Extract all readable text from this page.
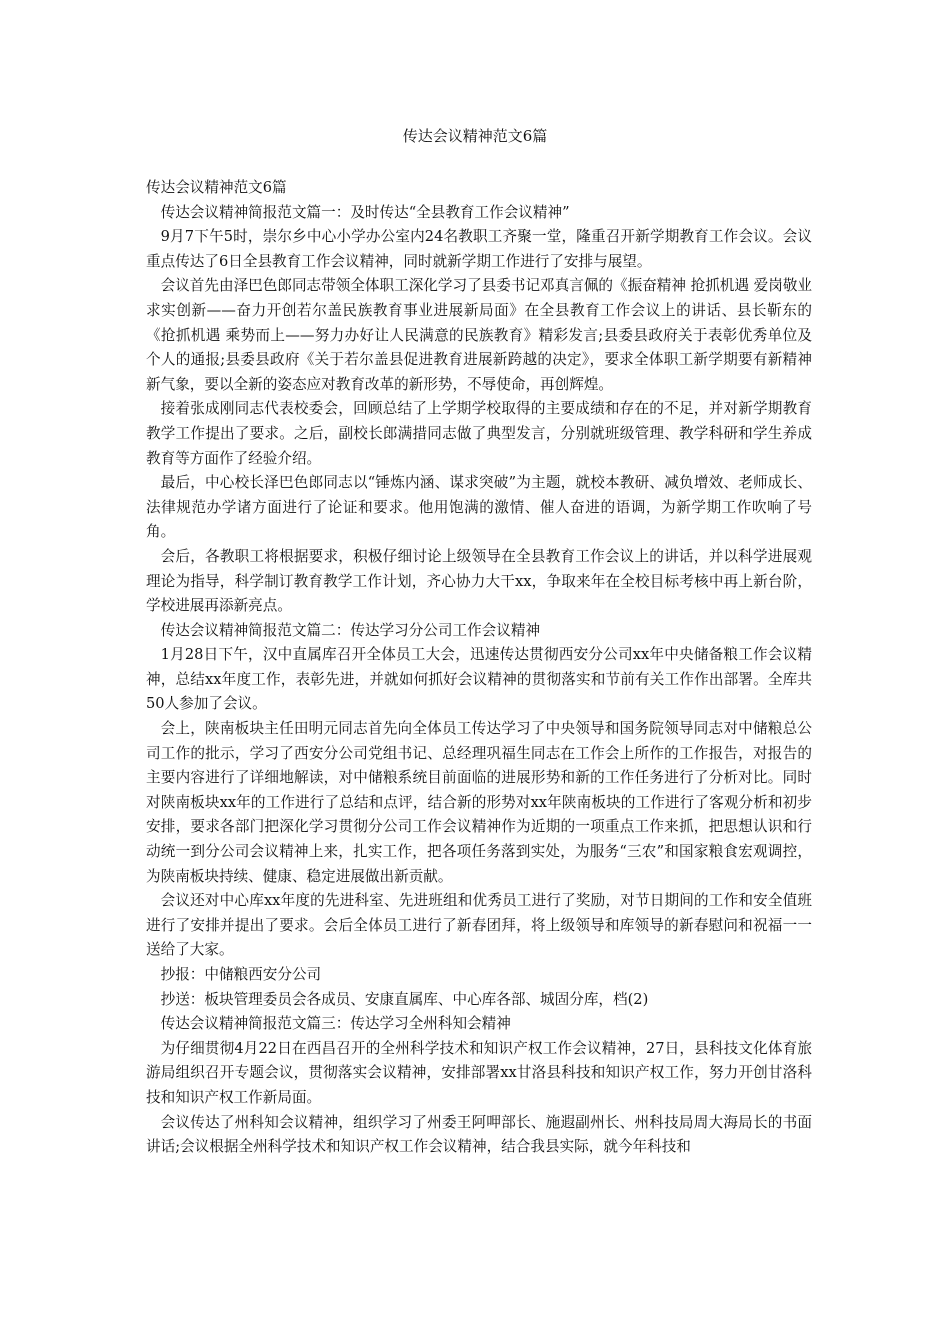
传达会议精神范文6篇

传达会议精神范文6篇

传达会议精神简报范文篇一：及时传达“全县教育工作会议精神”

9月7下午5时，崇尔乡中心小学办公室内24名教职工齐聚一堂，隆重召开新学期教育工作会议。会议重点传达了6日全县教育工作会议精神，同时就新学期工作进行了安排与展望。

会议首先由泽巴色郎同志带领全体职工深化学习了县委书记邓真言佩的《振奋精神 抢抓机遇 爱岗敬业求实创新——奋力开创若尔盖民族教育事业进展新局面》在全县教育工作会议上的讲话、县长靳东的《抢抓机遇 乘势而上——努力办好让人民满意的民族教育》精彩发言;县委县政府关于表彰优秀单位及个人的通报;县委县政府《关于若尔盖县促进教育进展新跨越的决定》，要求全体职工新学期要有新精神新气象，要以全新的姿态应对教育改革的新形势，不辱使命，再创辉煌。

接着张成刚同志代表校委会，回顾总结了上学期学校取得的主要成绩和存在的不足，并对新学期教育教学工作提出了要求。之后，副校长郎满措同志做了典型发言，分别就班级管理、教学科研和学生养成教育等方面作了经验介绍。

最后，中心校长泽巴色郎同志以“锤炼内涵、谋求突破”为主题，就校本教研、减负增效、老师成长、法律规范办学诸方面进行了论证和要求。他用饱满的激情、催人奋进的语调，为新学期工作吹响了号角。

会后，各教职工将根据要求，积极仔细讨论上级领导在全县教育工作会议上的讲话，并以科学进展观理论为指导，科学制订教育教学工作计划，齐心协力大干xx，争取来年在全校目标考核中再上新台阶，学校进展再添新亮点。

传达会议精神简报范文篇二：传达学习分公司工作会议精神

1月28日下午，汉中直属库召开全体员工大会，迅速传达贯彻西安分公司xx年中央储备粮工作会议精神，总结xx年度工作，表彰先进，并就如何抓好会议精神的贯彻落实和节前有关工作作出部署。全库共50人参加了会议。

会上，陕南板块主任田明元同志首先向全体员工传达学习了中央领导和国务院领导同志对中储粮总公司工作的批示，学习了西安分公司党组书记、总经理巩福生同志在工作会上所作的工作报告，对报告的主要内容进行了详细地解读，对中储粮系统目前面临的进展形势和新的工作任务进行了分析对比。同时对陕南板块xx年的工作进行了总结和点评，结合新的形势对xx年陕南板块的工作进行了客观分析和初步安排，要求各部门把深化学习贯彻分公司工作会议精神作为近期的一项重点工作来抓，把思想认识和行动统一到分公司会议精神上来，扎实工作，把各项任务落到实处，为服务“三农”和国家粮食宏观调控，为陕南板块持续、健康、稳定进展做出新贡献。

会议还对中心库xx年度的先进科室、先进班组和优秀员工进行了奖励，对节日期间的工作和安全值班进行了安排并提出了要求。会后全体员工进行了新春团拜，将上级领导和库领导的新春慰问和祝福一一送给了大家。

抄报：中储粮西安分公司

抄送：板块管理委员会各成员、安康直属库、中心库各部、城固分库，档(2)

传达会议精神简报范文篇三：传达学习全州科知会精神

为仔细贯彻4月22日在西昌召开的全州科学技术和知识产权工作会议精神，27日，县科技文化体育旅游局组织召开专题会议，贯彻落实会议精神，安排部署xx甘洛县科技和知识产权工作，努力开创甘洛科技和知识产权工作新局面。

会议传达了州科知会议精神，组织学习了州委王阿呷部长、施遐副州长、州科技局周大海局长的书面讲话;会议根据全州科学技术和知识产权工作会议精神，结合我县实际，就今年科技和
